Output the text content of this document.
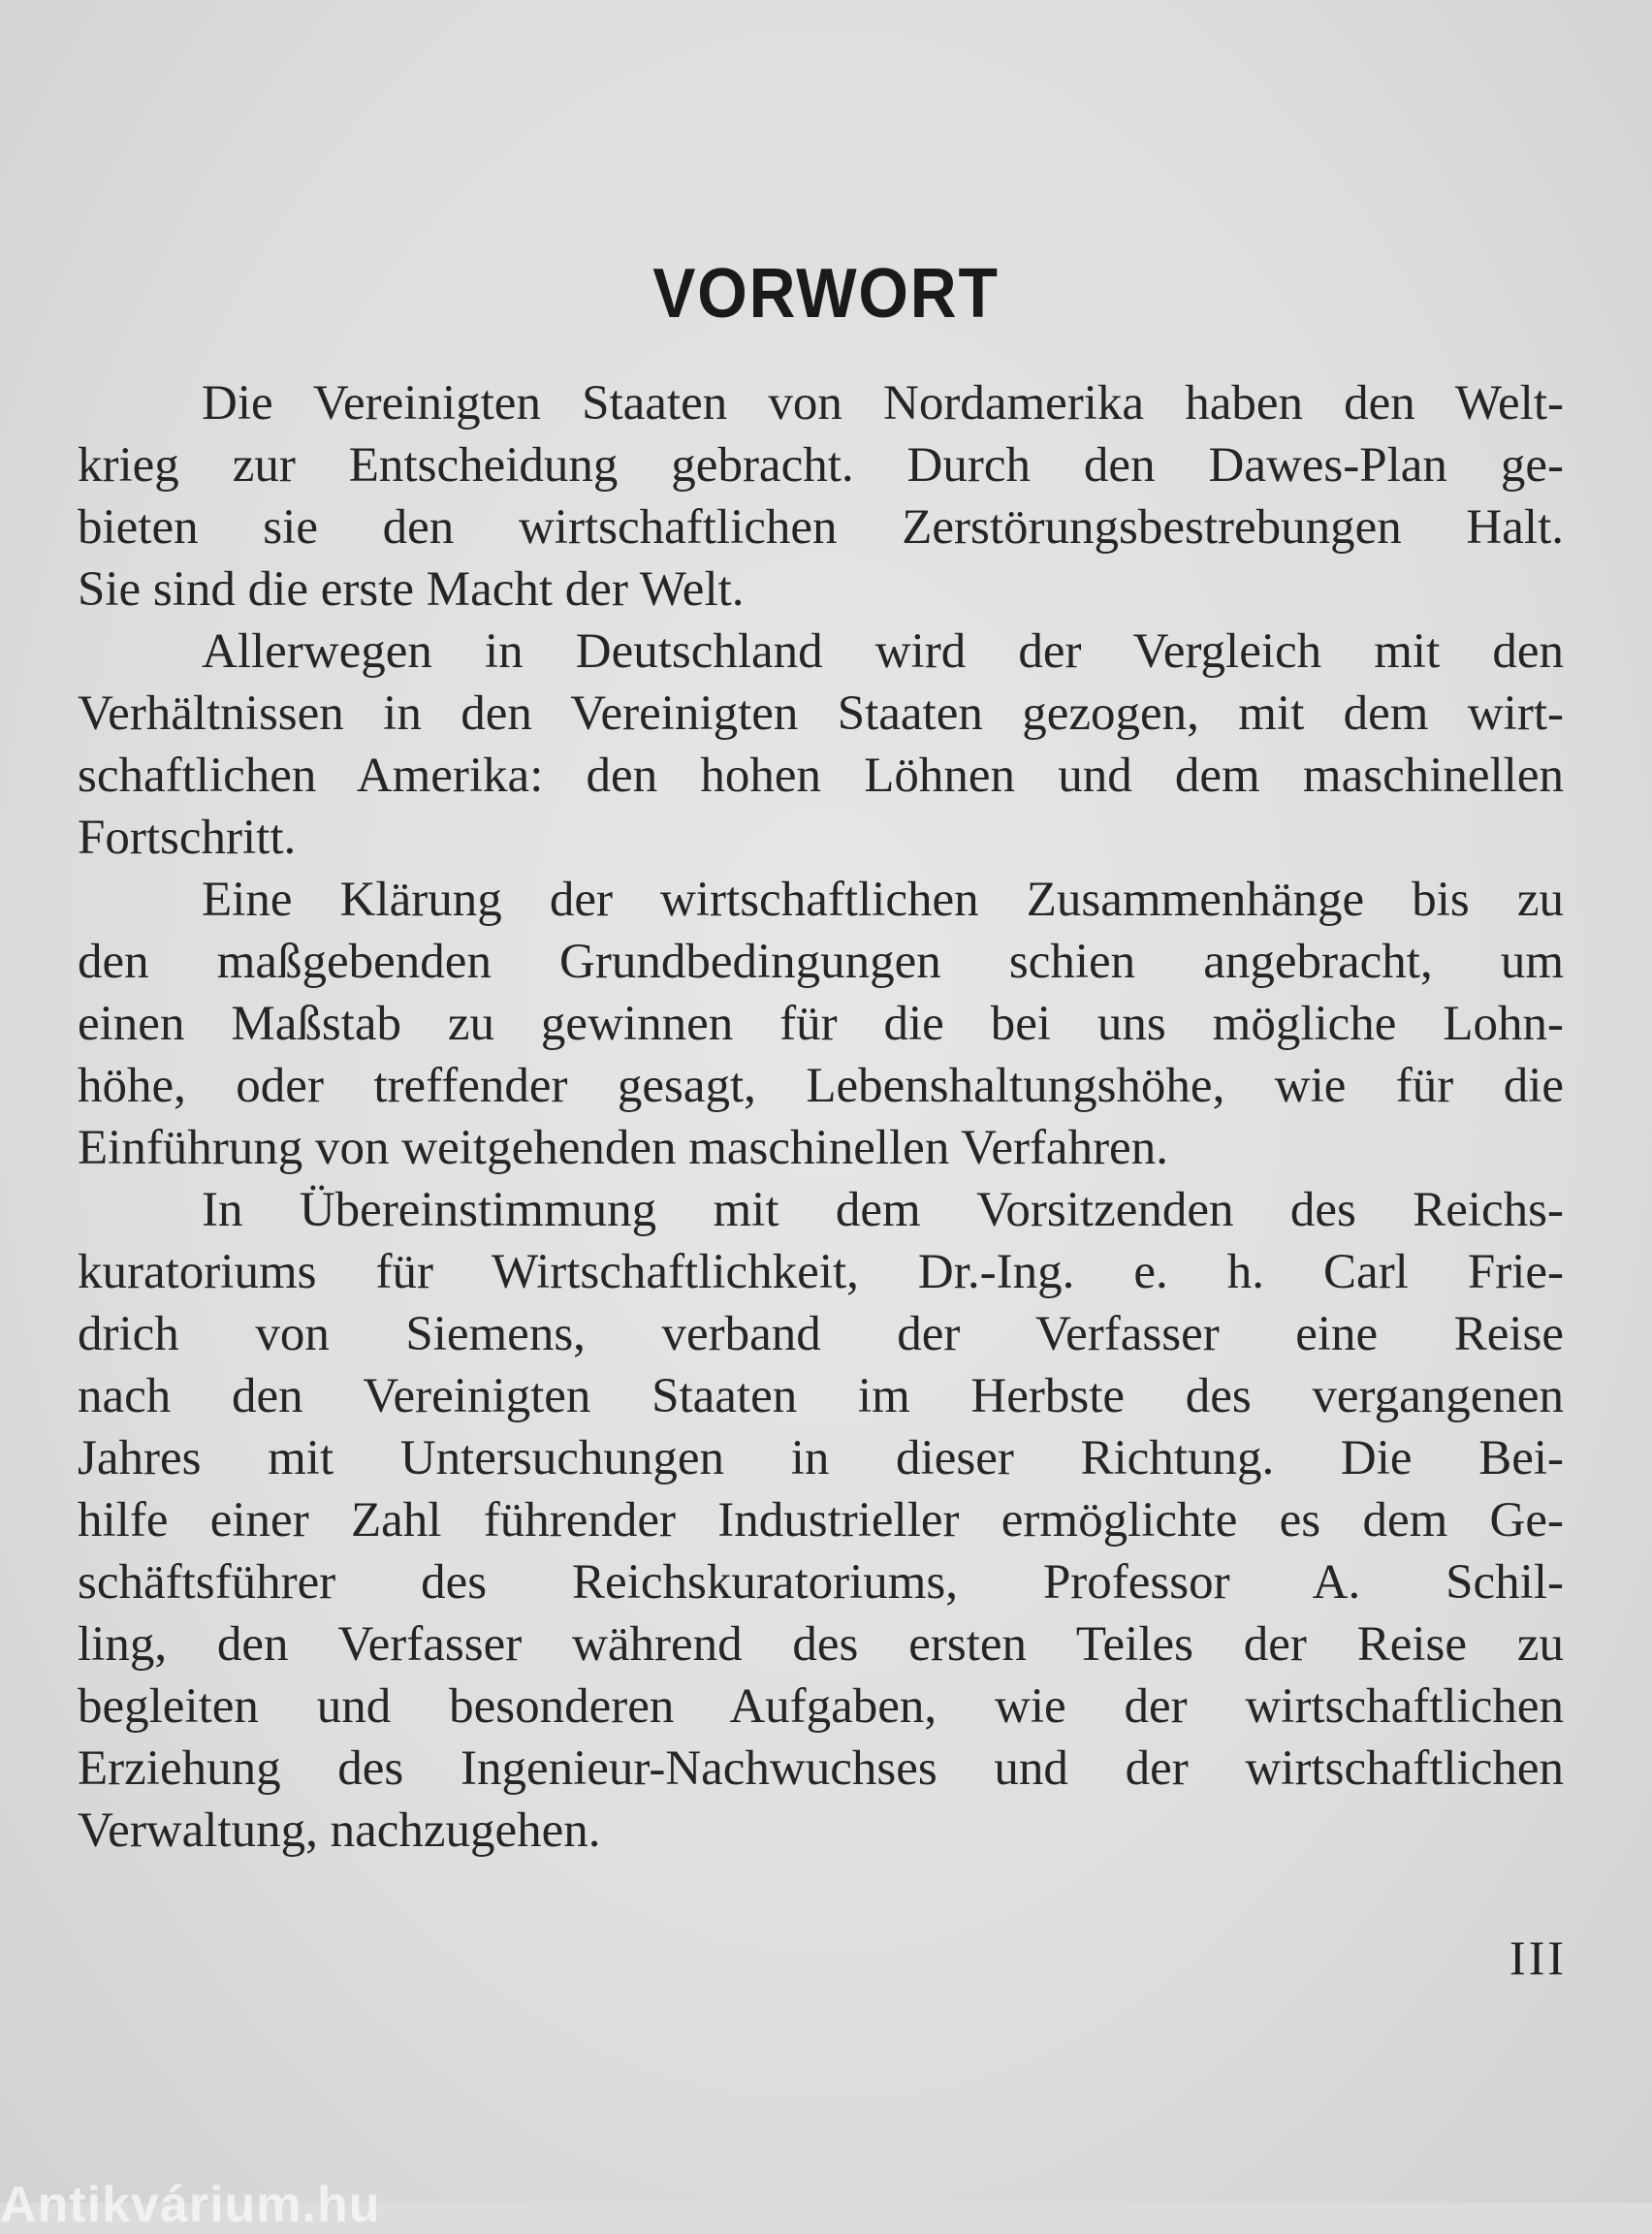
VORWORT
Die Vereinigten Staaten von Nordamerika haben den Welt-
krieg zur Entscheidung gebracht. Durch den Dawes-Plan ge-
bieten sie den wirtschaftlichen Zerstörungsbestrebungen Halt.
Sie sind die erste Macht der Welt.
Allerwegen in Deutschland wird der Vergleich mit den
Verhältnissen in den Vereinigten Staaten gezogen, mit dem wirt-
schaftlichen Amerika: den hohen Löhnen und dem maschinellen
Fortschritt.
Eine Klärung der wirtschaftlichen Zusammenhänge bis zu
den maßgebenden Grundbedingungen schien angebracht, um
einen Maßstab zu gewinnen für die bei uns mögliche Lohn-
höhe, oder treffender gesagt, Lebenshaltungshöhe, wie für die
Einführung von weitgehenden maschinellen Verfahren.
In Übereinstimmung mit dem Vorsitzenden des Reichs-
kuratoriums für Wirtschaftlichkeit, Dr.-Ing. e. h. Carl Frie-
drich von Siemens, verband der Verfasser eine Reise
nach den Vereinigten Staaten im Herbste des vergangenen
Jahres mit Untersuchungen in dieser Richtung. Die Bei-
hilfe einer Zahl führender Industrieller ermöglichte es dem Ge-
schäftsführer des Reichskuratoriums, Professor A. Schil-
ling, den Verfasser während des ersten Teiles der Reise zu
begleiten und besonderen Aufgaben, wie der wirtschaftlichen
Erziehung des Ingenieur-Nachwuchses und der wirtschaftlichen
Verwaltung, nachzugehen.
III
Antikvárium.hu
